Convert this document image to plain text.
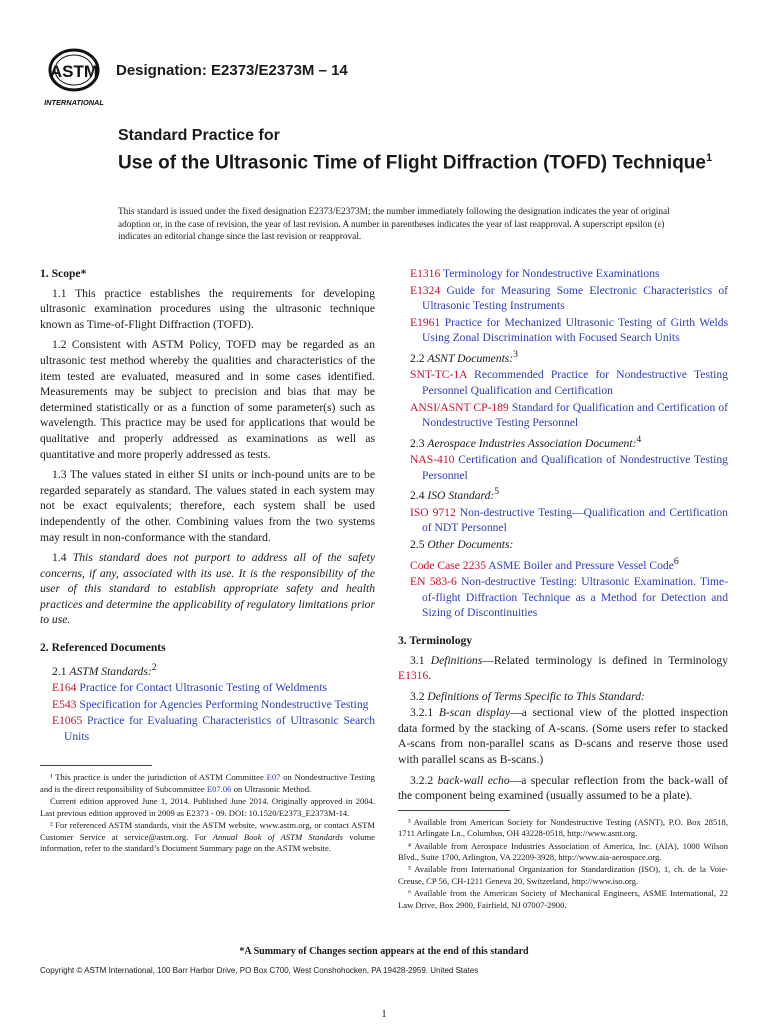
ASTM
INTERNATIONAL
Designation: E2373/E2373M – 14
Standard Practice for
Use of the Ultrasonic Time of Flight Diffraction (TOFD) Technique$^1$
This standard is issued under the fixed designation E2373/E2373M; the number immediately following the designation indicates the year of original adoption or, in the case of revision, the year of last revision. A number in parentheses indicates the year of last reapproval. A superscript epsilon (ε) indicates an editorial change since the last revision or reapproval.
1. Scope*

1.1 This practice establishes the requirements for developing ultrasonic examination procedures using the ultrasonic technique known as Time-of-Flight Diffraction (TOFD).

1.2 Consistent with ASTM Policy, TOFD may be regarded as an ultrasonic test method whereby the qualities and characteristics of the item tested are evaluated, measured and in some cases identified. Measurements may be subject to precision and bias that may be determined statistically or as a function of some parameter(s) such as wavelength. This practice may be used for applications that would be qualitative and properly addressed as examinations as well as quantitative and more properly addressed as tests.

1.3 The values stated in either SI units or inch-pound units are to be regarded separately as standard. The values stated in each system may not be exact equivalents; therefore, each system shall be used independently of the other. Combining values from the two systems may result in non-conformance with the standard.

1.4 This standard does not purport to address all of the safety concerns, if any, associated with its use. It is the responsibility of the user of this standard to establish appropriate safety and health practices and determine the applicability of regulatory limitations prior to use.

2. Referenced Documents
2.1 ASTM Standards:$^2$
E164 Practice for Contact Ultrasonic Testing of Weldments
E543 Specification for Agencies Performing Nondestructive Testing
E1065 Practice for Evaluating Characteristics of Ultrasonic Search Units
¹ This practice is under the jurisdiction of ASTM Committee E07 on Nondestructive Testing and is the direct responsibility of Subcommittee E07.06 on Ultrasonic Method.
Current edition approved June 1, 2014. Published June 2014. Originally approved in 2004. Last previous edition approved in 2009 as E2373 - 09. DOI: 10.1520/E2373_E2373M-14.
² For referenced ASTM standards, visit the ASTM website, www.astm.org, or contact ASTM Customer Service at service@astm.org. For Annual Book of ASTM Standards volume information, refer to the standard’s Document Summary page on the ASTM website.
E1316 Terminology for Nondestructive Examinations
E1324 Guide for Measuring Some Electronic Characteristics of Ultrasonic Testing Instruments
E1961 Practice for Mechanized Ultrasonic Testing of Girth Welds Using Zonal Discrimination with Focused Search Units
2.2 ASNT Documents:$^3$
SNT-TC-1A Recommended Practice for Nondestructive Testing Personnel Qualification and Certification
ANSI/ASNT CP-189 Standard for Qualification and Certification of Nondestructive Testing Personnel
2.3 Aerospace Industries Association Document:$^4$
NAS-410 Certification and Qualification of Nondestructive Testing Personnel
2.4 ISO Standard:$^5$
ISO 9712 Non-destructive Testing—Qualification and Certification of NDT Personnel
2.5 Other Documents:
Code Case 2235 ASME Boiler and Pressure Vessel Code$^6$
EN 583-6 Non-destructive Testing: Ultrasonic Examination. Time-of-flight Diffraction Technique as a Method for Detection and Sizing of Discontinuities
3. Terminology

3.1 Definitions—Related terminology is defined in Terminology E1316.

3.2 Definitions of Terms Specific to This Standard:

3.2.1 B-scan display—a sectional view of the plotted inspection data formed by the stacking of A-scans. (Some users refer to stacked A-scans from non-parallel scans as D-scans and reserve those used with parallel scans as B-scans.)

3.2.2 back-wall echo—a specular reflection from the back-wall of the component being examined (usually assumed to be a plate).

³ Available from American Society for Nondestructive Testing (ASNT), P.O. Box 28518, 1711 Arlingate Ln., Columbus, OH 43228-0518, http://www.asnt.org.
⁴ Available from Aerospace Industries Association of America, Inc. (AIA), 1000 Wilson Blvd., Suite 1700, Arlington, VA 22209-3928, http://www.aia-aerospace.org.
⁵ Available from International Organization for Standardization (ISO), 1, ch. de la Voie-Creuse, CP 56, CH-1211 Geneva 20, Switzerland, http://www.iso.org.
⁶ Available from the American Society of Mechanical Engineers, ASME International, 22 Law Drive, Box 2900, Fairfield, NJ 07007-2900.
*A Summary of Changes section appears at the end of this standard
Copyright © ASTM International, 100 Barr Harbor Drive, PO Box C700, West Conshohocken, PA 19428-2959. United States
1
